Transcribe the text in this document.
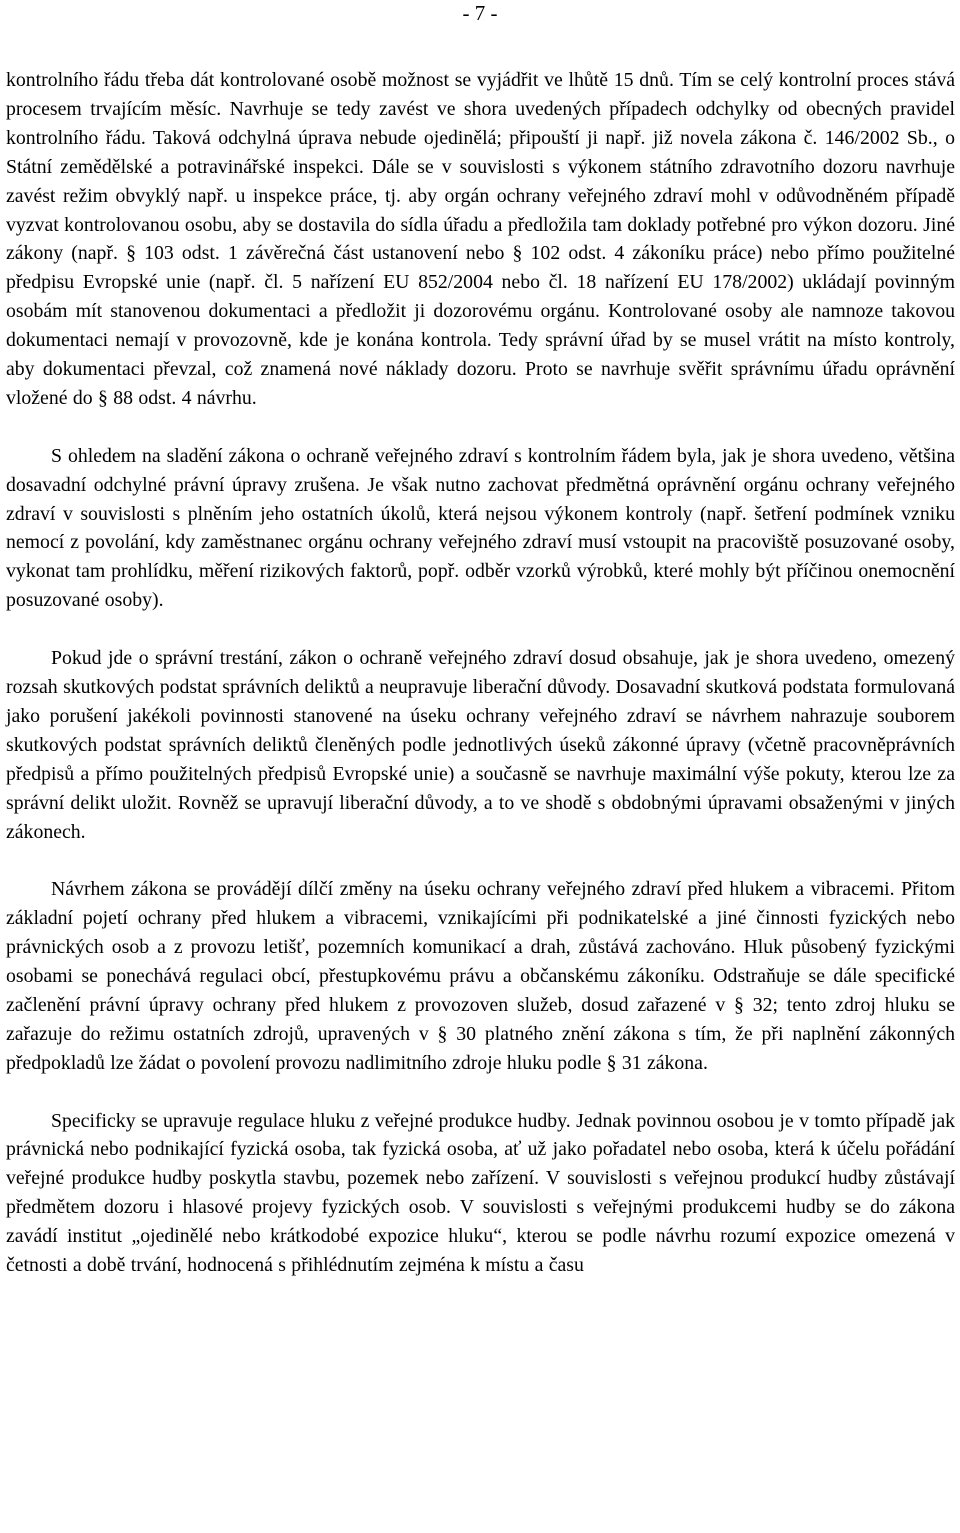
- 7 -

kontrolního řádu třeba dát kontrolované osobě možnost se vyjádřit ve lhůtě 15 dnů. Tím se celý kontrolní proces stává procesem trvajícím měsíc. Navrhuje se tedy zavést ve shora uvedených případech odchylky od obecných pravidel kontrolního řádu. Taková odchylná úprava nebude ojedinělá; připouští ji např. již novela zákona č. 146/2002 Sb., o Státní zemědělské a potravinářské inspekci. Dále se v souvislosti s výkonem státního zdravotního dozoru navrhuje zavést režim obvyklý např. u inspekce práce, tj. aby orgán ochrany veřejného zdraví mohl v odůvodněném případě vyzvat kontrolovanou osobu, aby se dostavila do sídla úřadu a předložila tam doklady potřebné pro výkon dozoru. Jiné zákony (např. § 103 odst. 1 závěrečná část ustanovení nebo § 102 odst. 4 zákoníku práce) nebo přímo použitelné předpisu Evropské unie (např. čl. 5 nařízení EU 852/2004 nebo čl. 18 nařízení EU 178/2002) ukládají povinným osobám mít stanovenou dokumentaci a předložit ji dozorovému orgánu. Kontrolované osoby ale namnoze takovou dokumentaci nemají v provozovně, kde je konána kontrola. Tedy správní úřad by se musel vrátit na místo kontroly, aby dokumentaci převzal, což znamená nové náklady dozoru. Proto se navrhuje svěřit správnímu úřadu oprávnění vložené do § 88 odst. 4 návrhu.

S ohledem na sladění zákona o ochraně veřejného zdraví s kontrolním řádem byla, jak je shora uvedeno, většina dosavadní odchylné právní úpravy zrušena. Je však nutno zachovat předmětná oprávnění orgánu ochrany veřejného zdraví v souvislosti s plněním jeho ostatních úkolů, která nejsou výkonem kontroly (např. šetření podmínek vzniku nemocí z povolání, kdy zaměstnanec orgánu ochrany veřejného zdraví musí vstoupit na pracoviště posuzované osoby, vykonat tam prohlídku, měření rizikových faktorů, popř. odběr vzorků výrobků, které mohly být příčinou onemocnění posuzované osoby).

Pokud jde o správní trestání, zákon o ochraně veřejného zdraví dosud obsahuje, jak je shora uvedeno, omezený rozsah skutkových podstat správních deliktů a neupravuje liberační důvody. Dosavadní skutková podstata formulovaná jako porušení jakékoli povinnosti stanovené na úseku ochrany veřejného zdraví se návrhem nahrazuje souborem skutkových podstat správních deliktů členěných podle jednotlivých úseků zákonné úpravy (včetně pracovněprávních předpisů a přímo použitelných předpisů Evropské unie) a současně se navrhuje maximální výše pokuty, kterou lze za správní delikt uložit. Rovněž se upravují liberační důvody, a to ve shodě s obdobnými úpravami obsaženými v jiných zákonech.

Návrhem zákona se provádějí dílčí změny na úseku ochrany veřejného zdraví před hlukem a vibracemi. Přitom základní pojetí ochrany před hlukem a vibracemi, vznikajícími při podnikatelské a jiné činnosti fyzických nebo právnických osob a z provozu letišť, pozemních komunikací a drah, zůstává zachováno. Hluk působený fyzickými osobami se ponechává regulaci obcí, přestupkovému právu a občanskému zákoníku. Odstraňuje se dále specifické začlenění právní úpravy ochrany před hlukem z provozoven služeb, dosud zařazené v § 32; tento zdroj hluku se zařazuje do režimu ostatních zdrojů, upravených v § 30 platného znění zákona s tím, že při naplnění zákonných předpokladů lze žádat o povolení provozu nadlimitního zdroje hluku podle § 31 zákona.

Specificky se upravuje regulace hluku z veřejné produkce hudby. Jednak povinnou osobou je v tomto případě jak právnická nebo podnikající fyzická osoba, tak fyzická osoba, ať už jako pořadatel nebo osoba, která k účelu pořádání veřejné produkce hudby poskytla stavbu, pozemek nebo zařízení. V souvislosti s veřejnou produkcí hudby zůstávají předmětem dozoru i hlasové projevy fyzických osob. V souvislosti s veřejnými produkcemi hudby se do zákona zavádí institut „ojedinělé nebo krátkodobé expozice hluku“, kterou se podle návrhu rozumí expozice omezená v četnosti a době trvání, hodnocená s přihlédnutím zejména k místu a času
